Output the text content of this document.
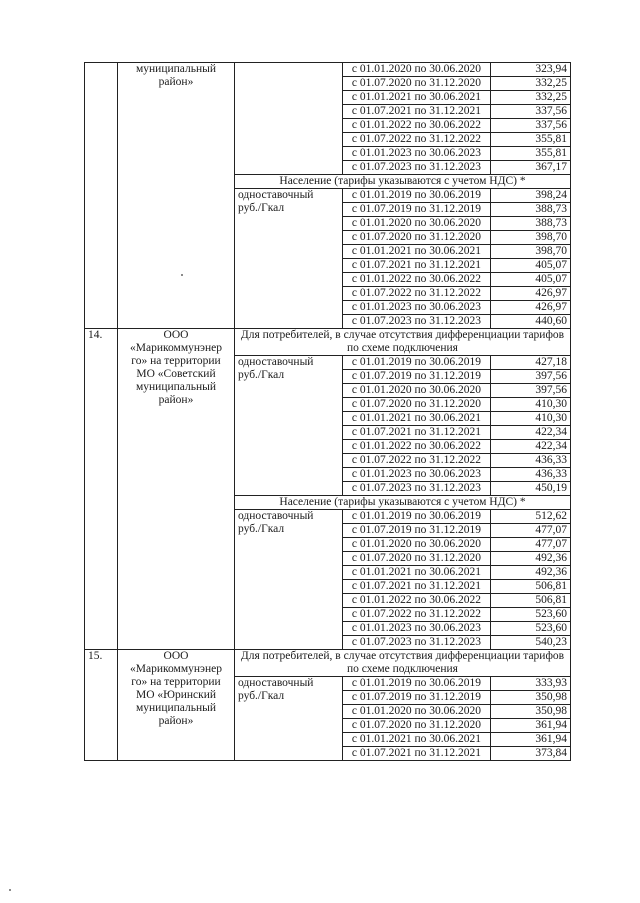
	муниципальный район»		с 01.01.2020 по 30.06.2020	323,94
			с 01.07.2020 по 31.12.2020	332,25
			с 01.01.2021 по 30.06.2021	332,25
			с 01.07.2021 по 31.12.2021	337,56
			с 01.01.2022 по 30.06.2022	337,56
			с 01.07.2022 по 31.12.2022	355,81
			с 01.01.2023 по 30.06.2023	355,81
			с 01.07.2023 по 31.12.2023	367,17
		Население (тарифы указываются с учетом НДС) *		
		одноставочный руб./Гкал	с 01.01.2019 по 30.06.2019	398,24
			с 01.07.2019 по 31.12.2019	388,73
			с 01.01.2020 по 30.06.2020	388,73
			с 01.07.2020 по 31.12.2020	398,70
			с 01.01.2021 по 30.06.2021	398,70
			с 01.07.2021 по 31.12.2021	405,07
			с 01.01.2022 по 30.06.2022	405,07
			с 01.07.2022 по 31.12.2022	426,97
			с 01.01.2023 по 30.06.2023	426,97
			с 01.07.2023 по 31.12.2023	440,60
14.	ООО «Марикоммунэнер го» на территории МО «Советский муниципальный район»	Для потребителей, в случае отсутствия дифференциации тарифов по схеме подключения		
		одноставочный руб./Гкал	с 01.01.2019 по 30.06.2019	427,18
			с 01.07.2019 по 31.12.2019	397,56
			с 01.01.2020 по 30.06.2020	397,56
			с 01.07.2020 по 31.12.2020	410,30
			с 01.01.2021 по 30.06.2021	410,30
			с 01.07.2021 по 31.12.2021	422,34
			с 01.01.2022 по 30.06.2022	422,34
			с 01.07.2022 по 31.12.2022	436,33
			с 01.01.2023 по 30.06.2023	436,33
			с 01.07.2023 по 31.12.2023	450,19
		Население (тарифы указываются с учетом НДС) *		
		одноставочный руб./Гкал	с 01.01.2019 по 30.06.2019	512,62
			с 01.07.2019 по 31.12.2019	477,07
			с 01.01.2020 по 30.06.2020	477,07
			с 01.07.2020 по 31.12.2020	492,36
			с 01.01.2021 по 30.06.2021	492,36
			с 01.07.2021 по 31.12.2021	506,81
			с 01.01.2022 по 30.06.2022	506,81
			с 01.07.2022 по 31.12.2022	523,60
			с 01.01.2023 по 30.06.2023	523,60
			с 01.07.2023 по 31.12.2023	540,23
15.	ООО «Марикоммунэнер го» на территории МО «Юринский муниципальный район»	Для потребителей, в случае отсутствия дифференциации тарифов по схеме подключения		
		одноставочный руб./Гкал	с 01.01.2019 по 30.06.2019	333,93
			с 01.07.2019 по 31.12.2019	350,98
			с 01.01.2020 по 30.06.2020	350,98
			с 01.07.2020 по 31.12.2020	361,94
			с 01.01.2021 по 30.06.2021	361,94
			с 01.07.2021 по 31.12.2021	373,84
